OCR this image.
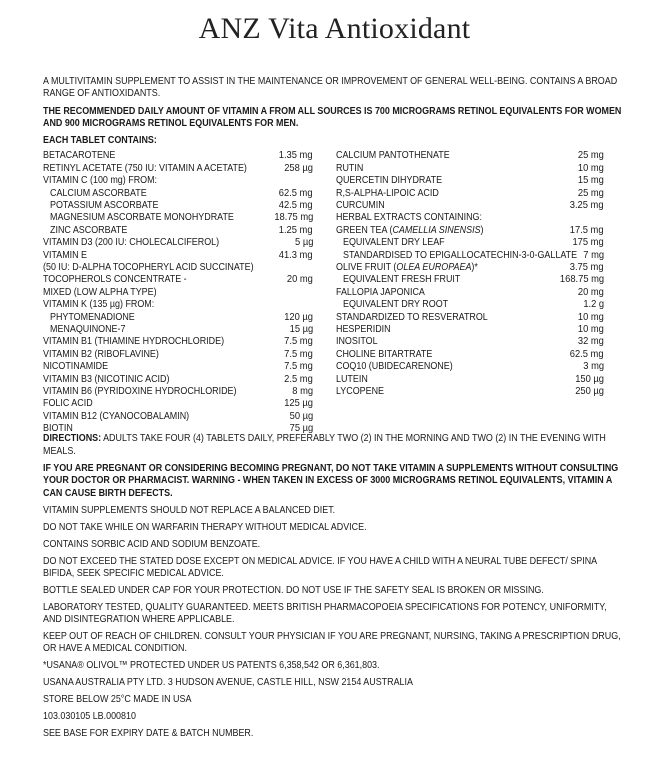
ANZ Vita Antioxidant

A MULTIVITAMIN SUPPLEMENT TO ASSIST IN THE MAINTENANCE OR IMPROVEMENT OF GENERAL WELL-BEING. CONTAINS A BROAD RANGE OF ANTIOXIDANTS.

THE RECOMMENDED DAILY AMOUNT OF VITAMIN A FROM ALL SOURCES IS 700 MICROGRAMS RETINOL EQUIVALENTS FOR WOMEN AND 900 MICROGRAMS RETINOL EQUIVALENTS FOR MEN.

EACH TABLET CONTAINS:

BETACAROTENE	1.35 mg
RETINYL ACETATE (750 IU: VITAMIN A ACETATE)	258 µg
VITAMIN C (100 mg) FROM:
CALCIUM ASCORBATE	62.5 mg
POTASSIUM ASCORBATE	42.5 mg
MAGNESIUM ASCORBATE MONOHYDRATE	18.75 mg
ZINC ASCORBATE	1.25 mg
VITAMIN D3 (200 IU: CHOLECALCIFEROL)	5 µg
VITAMIN E	41.3 mg
(50 IU: D-ALPHA TOCOPHERYL ACID SUCCINATE)
TOCOPHEROLS CONCENTRATE -	20 mg
MIXED (LOW ALPHA TYPE)
VITAMIN K (135 µg) FROM:
PHYTOMENADIONE	120 µg
MENAQUINONE-7	15 µg
VITAMIN B1 (THIAMINE HYDROCHLORIDE)	7.5 mg
VITAMIN B2 (RIBOFLAVINE)	7.5 mg
NICOTINAMIDE	7.5 mg
VITAMIN B3 (NICOTINIC ACID)	2.5 mg
VITAMIN B6 (PYRIDOXINE HYDROCHLORIDE)	8 mg
FOLIC ACID	125 µg
VITAMIN B12 (CYANOCOBALAMIN)	50 µg
BIOTIN	75 µg
CALCIUM PANTOTHENATE	25 mg
RUTIN	10 mg
QUERCETIN DIHYDRATE	15 mg
R,S-ALPHA-LIPOIC ACID	25 mg
CURCUMIN	3.25 mg
HERBAL EXTRACTS CONTAINING:
GREEN TEA (CAMELLIA SINENSIS)	17.5 mg
EQUIVALENT DRY LEAF	175 mg
STANDARDISED TO EPIGALLOCATECHIN-3-0-GALLATE 7 mg
OLIVE FRUIT (OLEA EUROPAEA)*	3.75 mg
EQUIVALENT FRESH FRUIT	168.75 mg
FALLOPIA JAPONICA	20 mg
EQUIVALENT DRY ROOT	1.2 g
STANDARDIZED TO RESVERATROL	10 mg
HESPERIDIN	10 mg
INOSITOL	32 mg
CHOLINE BITARTRATE	62.5 mg
COQ10 (UBIDECARENONE)	3 mg
LUTEIN	150 µg
LYCOPENE	250 µg

DIRECTIONS: ADULTS TAKE FOUR (4) TABLETS DAILY, PREFERABLY TWO (2) IN THE MORNING AND TWO (2) IN THE EVENING WITH MEALS.

IF YOU ARE PREGNANT OR CONSIDERING BECOMING PREGNANT, DO NOT TAKE VITAMIN A SUPPLEMENTS WITHOUT CONSULTING YOUR DOCTOR OR PHARMACIST. WARNING - WHEN TAKEN IN EXCESS OF 3000 MICROGRAMS RETINOL EQUIVALENTS, VITAMIN A CAN CAUSE BIRTH DEFECTS.

VITAMIN SUPPLEMENTS SHOULD NOT REPLACE A BALANCED DIET.

DO NOT TAKE WHILE ON WARFARIN THERAPY WITHOUT MEDICAL ADVICE.

CONTAINS SORBIC ACID AND SODIUM BENZOATE.

DO NOT EXCEED THE STATED DOSE EXCEPT ON MEDICAL ADVICE. IF YOU HAVE A CHILD WITH A NEURAL TUBE DEFECT/ SPINA BIFIDA, SEEK SPECIFIC MEDICAL ADVICE.

BOTTLE SEALED UNDER CAP FOR YOUR PROTECTION. DO NOT USE IF THE SAFETY SEAL IS BROKEN OR MISSING.

LABORATORY TESTED, QUALITY GUARANTEED. MEETS BRITISH PHARMACOPOEIA SPECIFICATIONS FOR POTENCY, UNIFORMITY, AND DISINTEGRATION WHERE APPLICABLE.

KEEP OUT OF REACH OF CHILDREN. CONSULT YOUR PHYSICIAN IF YOU ARE PREGNANT, NURSING, TAKING A PRESCRIPTION DRUG, OR HAVE A MEDICAL CONDITION.

*USANA® OLIVOL™ PROTECTED UNDER US PATENTS 6,358,542 OR 6,361,803.

USANA AUSTRALIA PTY LTD. 3 HUDSON AVENUE, CASTLE HILL, NSW 2154 AUSTRALIA

STORE BELOW 25°C MADE IN USA

103.030105 LB.000810

SEE BASE FOR EXPIRY DATE & BATCH NUMBER.
